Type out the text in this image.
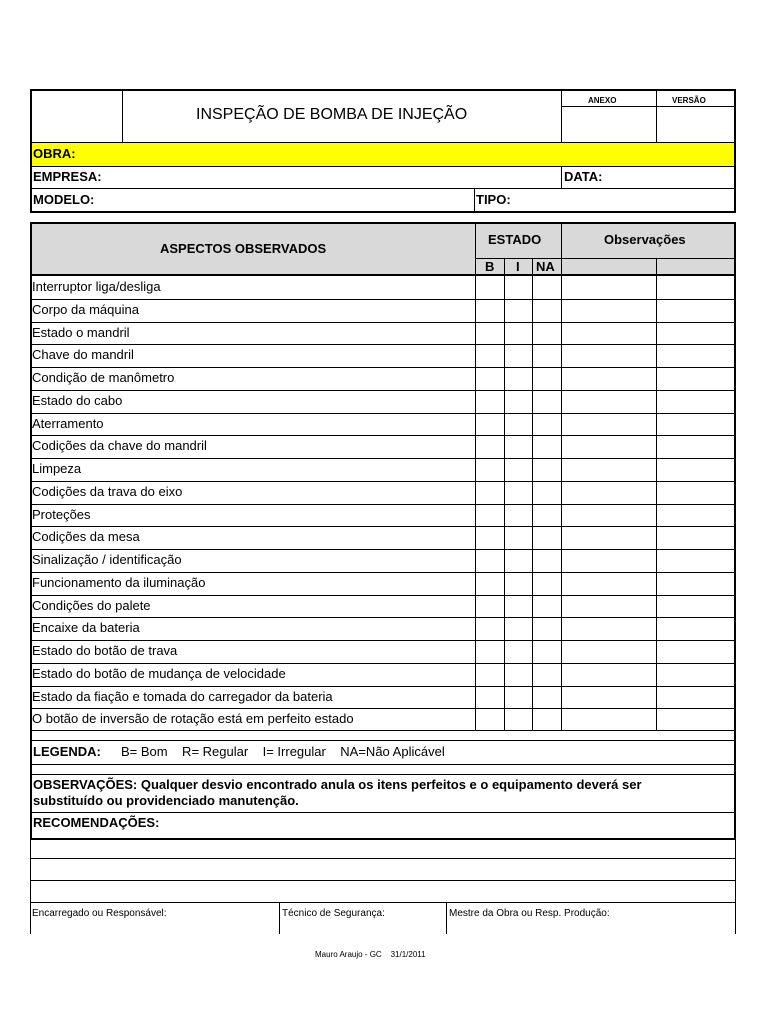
INSPEÇÃO DE BOMBA DE INJEÇÃO
ANEXO	VERSÃO
OBRA:
EMPRESA:	DATA:
MODELO:	TIPO:
ASPECTOS OBSERVADOS
ESTADO	Observações
B I NA
Interruptor liga/desliga
Corpo da máquina
Estado o mandril
Chave do mandril
Condição de manômetro
Estado do cabo
Aterramento
Codições da chave do mandril
Limpeza
Codições da trava do eixo
Proteções
Codições da mesa
Sinalização / identificação
Funcionamento da iluminação
Condições do palete
Encaixe da bateria
Estado do botão de trava
Estado do botão de mudança de velocidade
Estado da fiação e tomada do carregador da bateria
O botão de inversão de rotação está em perfeito estado
LEGENDA: B= Bom    R= Regular    I= Irregular    NA=Não Aplicável
OBSERVAÇÕES: Qualquer desvio encontrado anula os itens perfeitos e o equipamento deverá ser
substituído ou providenciado manutenção.
RECOMENDAÇÕES:
Encarregado ou Responsável:	Técnico de Segurança:	Mestre da Obra ou Resp. Produção:
Mauro Araujo - GC    31/1/2011
